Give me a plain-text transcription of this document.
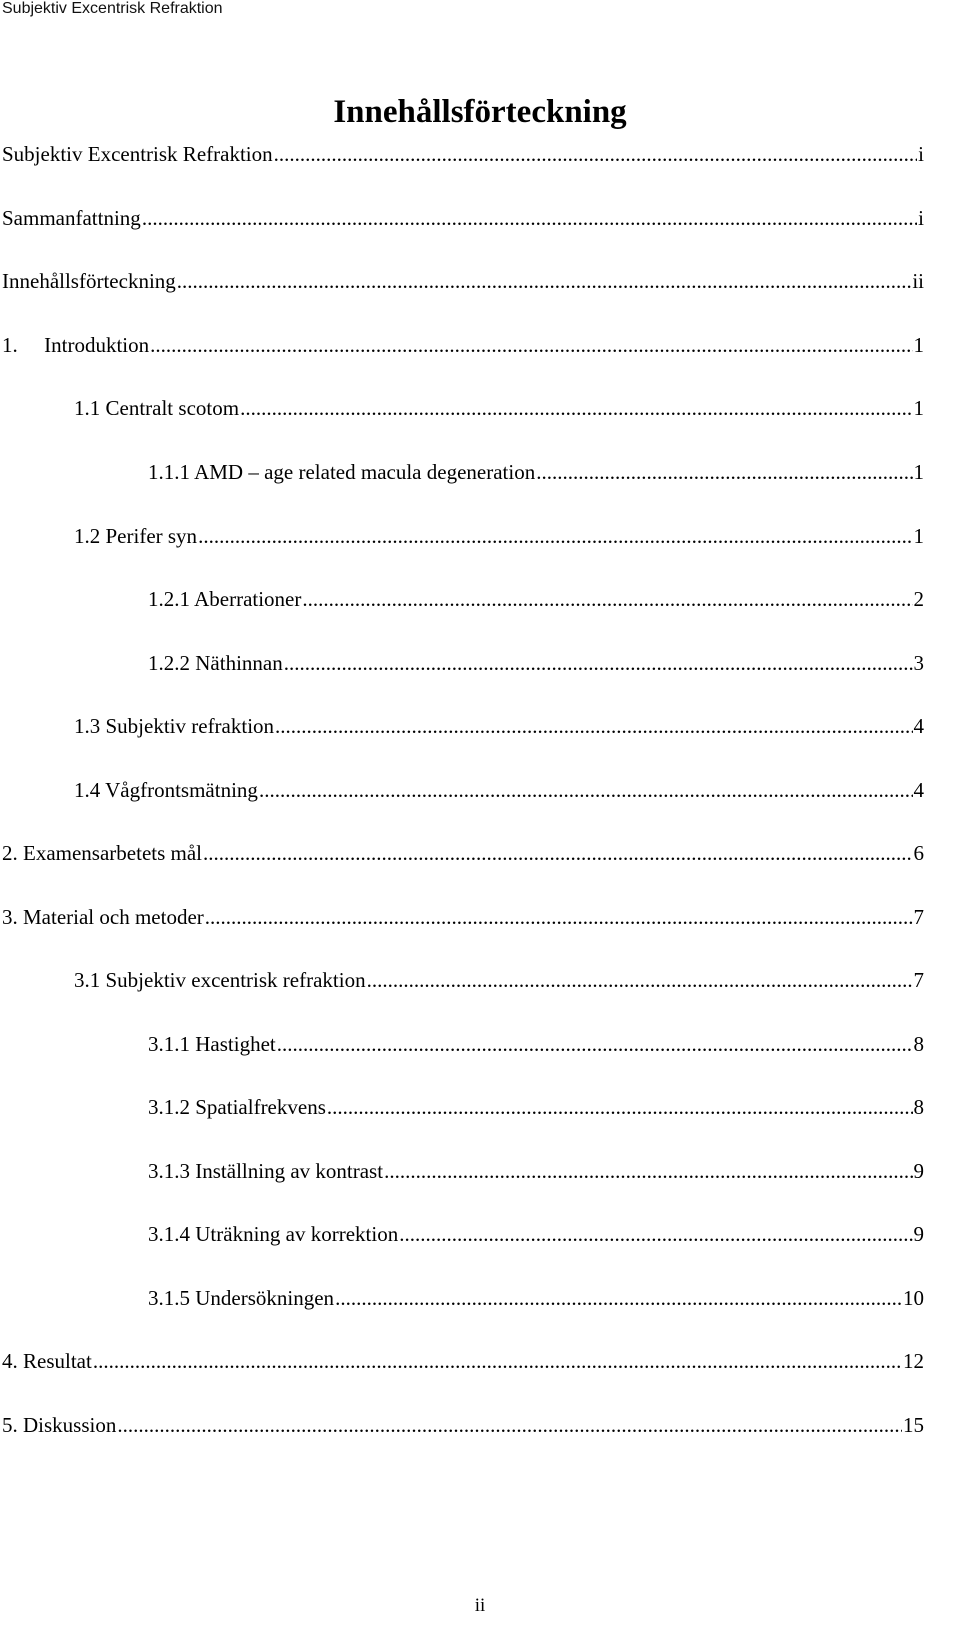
Subjektiv Excentrisk Refraktion
Innehållsförteckning
Subjektiv Excentrisk Refraktion .....	i
Sammanfattning .....	i
Innehållsförteckning .....	ii
1.	Introduktion .....	1
1.1 Centralt scotom .....	1
1.1.1 AMD – age related macula degeneration .....	1
1.2 Perifer syn .....	1
1.2.1 Aberrationer .....	2
1.2.2 Näthinnan .....	3
1.3 Subjektiv refraktion .....	4
1.4 Vågfrontsmätning .....	4
2. Examensarbetets mål .....	6
3. Material och metoder .....	7
3.1 Subjektiv excentrisk refraktion .....	7
3.1.1 Hastighet .....	8
3.1.2 Spatialfrekvens .....	8
3.1.3 Inställning av kontrast .....	9
3.1.4 Uträkning av korrektion .....	9
3.1.5 Undersökningen .....	10
4. Resultat .....	12
5. Diskussion .....	15
ii
